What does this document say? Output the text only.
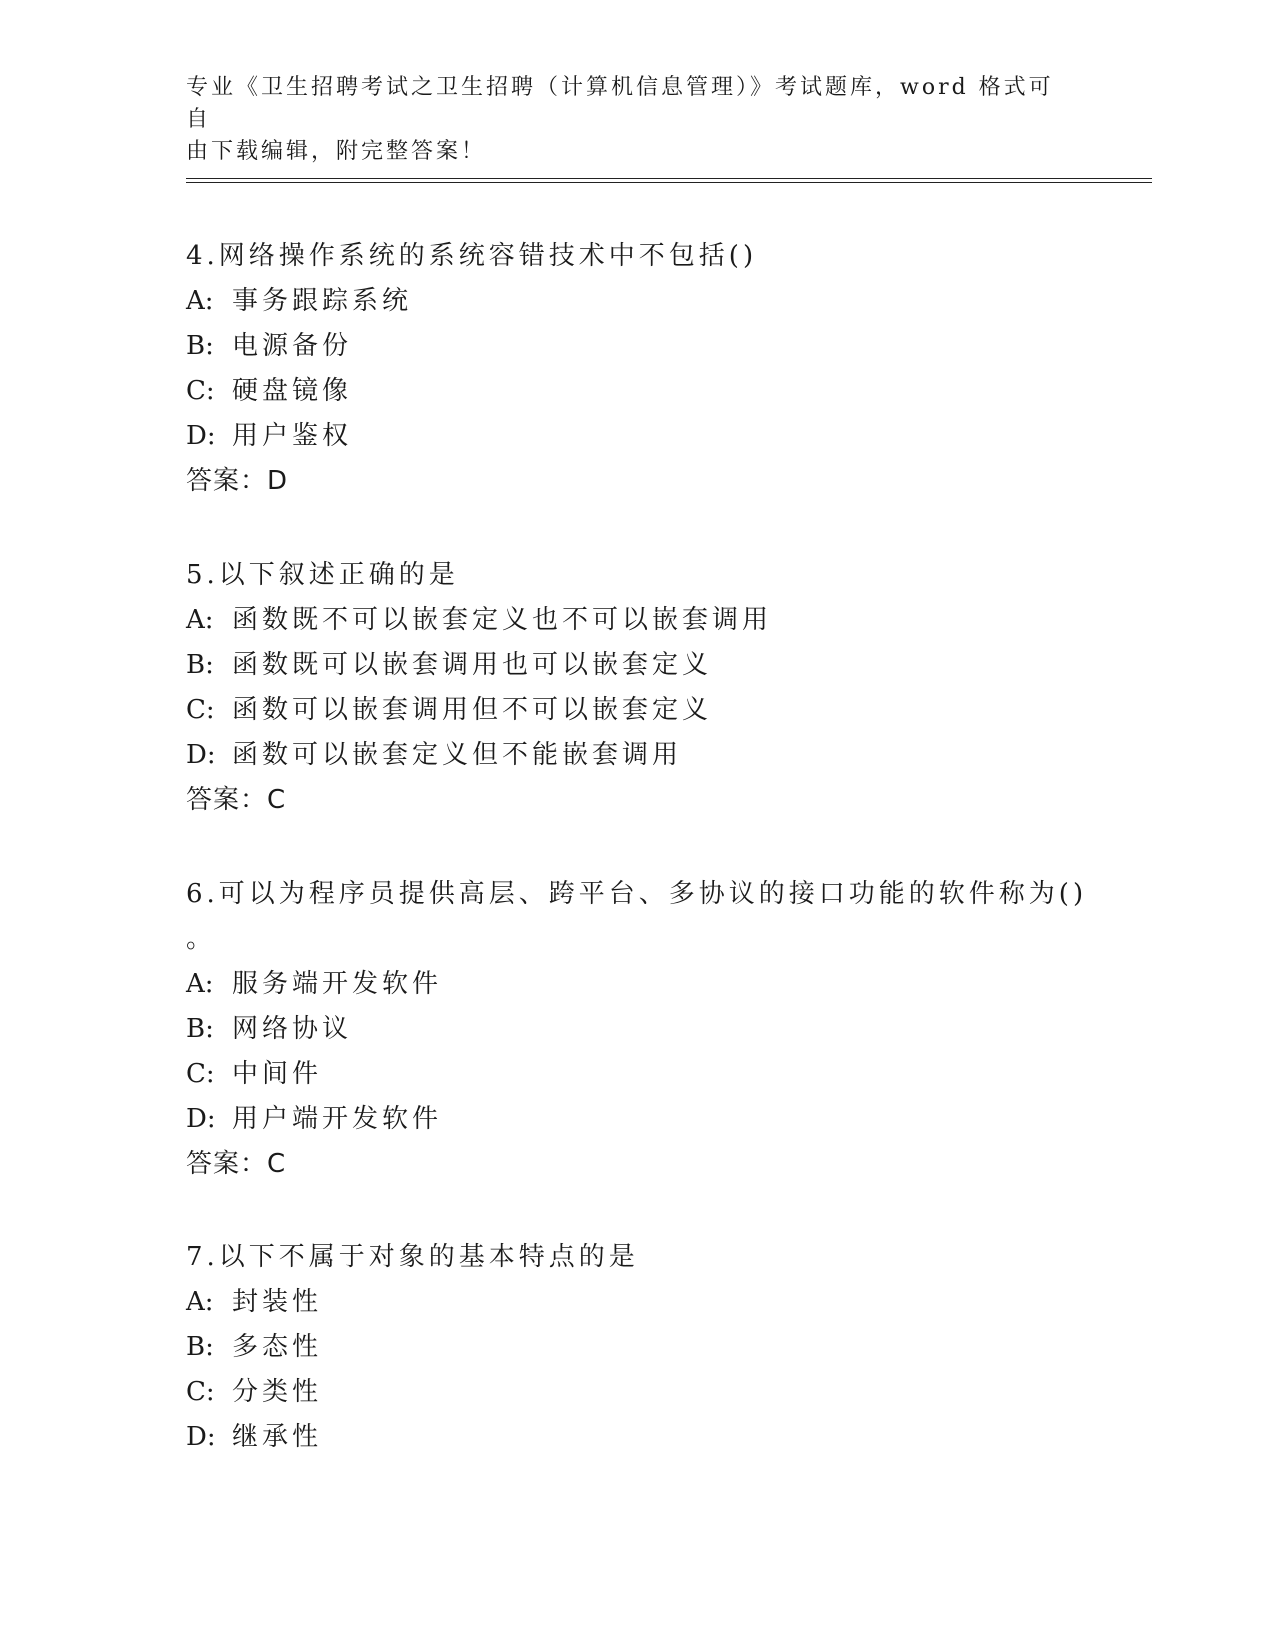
专业《卫生招聘考试之卫生招聘（计算机信息管理）》考试题库，word 格式可自
由下载编辑，附完整答案！
4.网络操作系统的系统容错技术中不包括()
A: 事务跟踪系统
B: 电源备份
C: 硬盘镜像
D: 用户鉴权
答案：D
5.以下叙述正确的是
A: 函数既不可以嵌套定义也不可以嵌套调用
B: 函数既可以嵌套调用也可以嵌套定义
C: 函数可以嵌套调用但不可以嵌套定义
D: 函数可以嵌套定义但不能嵌套调用
答案：C
6.可以为程序员提供高层、跨平台、多协议的接口功能的软件称为()
。
A: 服务端开发软件
B: 网络协议
C: 中间件
D: 用户端开发软件
答案：C
7.以下不属于对象的基本特点的是
A: 封装性
B: 多态性
C: 分类性
D: 继承性
